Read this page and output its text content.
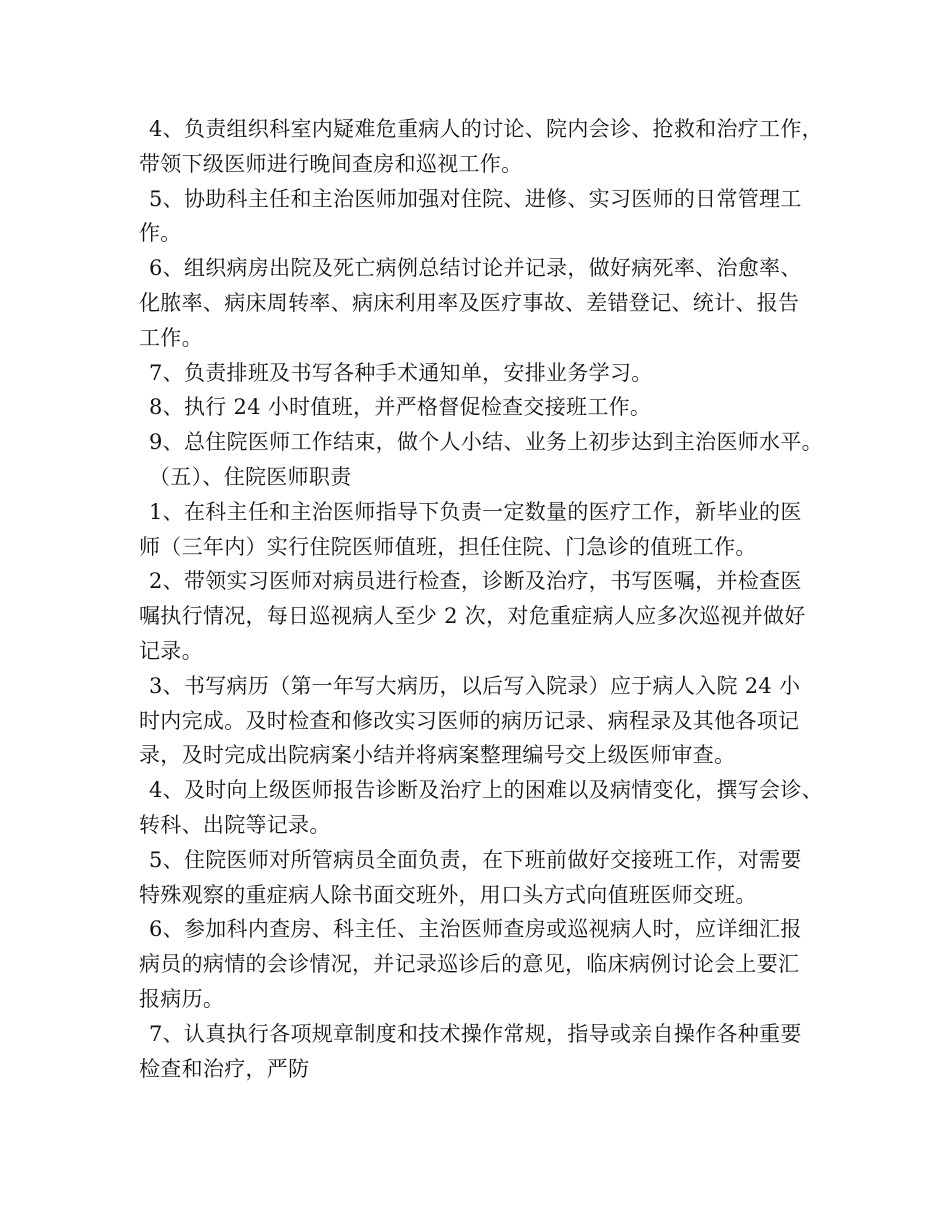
4、负责组织科室内疑难危重病人的讨论、院内会诊、抢救和治疗工作，
带领下级医师进行晚间查房和巡视工作。
5、协助科主任和主治医师加强对住院、进修、实习医师的日常管理工
作。
6、组织病房出院及死亡病例总结讨论并记录，做好病死率、治愈率、
化脓率、病床周转率、病床利用率及医疗事故、差错登记、统计、报告
工作。
7、负责排班及书写各种手术通知单，安排业务学习。
8、执行 24 小时值班，并严格督促检查交接班工作。
9、总住院医师工作结束，做个人小结、业务上初步达到主治医师水平。
（五）、住院医师职责
1、在科主任和主治医师指导下负责一定数量的医疗工作，新毕业的医
师（三年内）实行住院医师值班，担任住院、门急诊的值班工作。
2、带领实习医师对病员进行检查，诊断及治疗，书写医嘱，并检查医
嘱执行情况，每日巡视病人至少 2 次，对危重症病人应多次巡视并做好
记录。
3、书写病历（第一年写大病历，以后写入院录）应于病人入院 24 小
时内完成。及时检查和修改实习医师的病历记录、病程录及其他各项记
录，及时完成出院病案小结并将病案整理编号交上级医师审查。
4、及时向上级医师报告诊断及治疗上的困难以及病情变化，撰写会诊、
转科、出院等记录。
5、住院医师对所管病员全面负责，在下班前做好交接班工作，对需要
特殊观察的重症病人除书面交班外，用口头方式向值班医师交班。
6、参加科内查房、科主任、主治医师查房或巡视病人时，应详细汇报
病员的病情的会诊情况，并记录巡诊后的意见，临床病例讨论会上要汇
报病历。
7、认真执行各项规章制度和技术操作常规，指导或亲自操作各种重要
检查和治疗，严防
